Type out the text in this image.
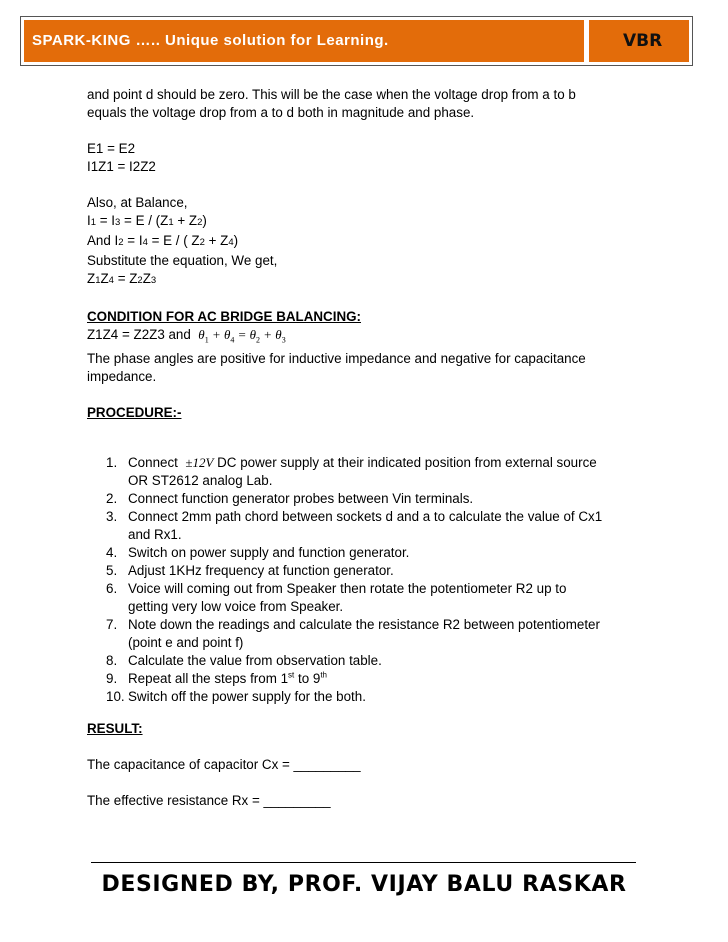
SPARK-KING ….. Unique solution for Learning.	VBR

and point d should be zero. This will be the case when the voltage drop from a to b

equals the voltage drop from a to d both in magnitude and phase.

E1 = E2

I1Z1 = I2Z2

Also, at Balance,

I1 = I3 = E / (Z1 + Z2)

And I2 = I4 = E / ( Z2 + Z4)

Substitute the equation, We get,

Z1Z4 = Z2Z3

CONDITION FOR AC BRIDGE BALANCING:

Z1Z4 = Z2Z3 and $\theta_1 + \theta_4 = \theta_2 + \theta_3$

The phase angles are positive for inductive impedance and negative for capacitance

impedance.

PROCEDURE:-

1. Connect ±12V DC power supply at their indicated position from external source
OR ST2612 analog Lab.
2. Connect function generator probes between Vin terminals.
3. Connect 2mm path chord between sockets d and a to calculate the value of Cx1
and Rx1.
4. Switch on power supply and function generator.
5. Adjust 1KHz frequency at function generator.
6. Voice will coming out from Speaker then rotate the potentiometer R2 up to
getting very low voice from Speaker.
7. Note down the readings and calculate the resistance R2 between potentiometer
(point e and point f)
8. Calculate the value from observation table.
9. Repeat all the steps from 1st to 9th
10. Switch off the power supply for the both.

RESULT:

The capacitance of capacitor Cx = _________

The effective resistance Rx = _________

DESIGNED BY, PROF. VIJAY BALU RASKAR
